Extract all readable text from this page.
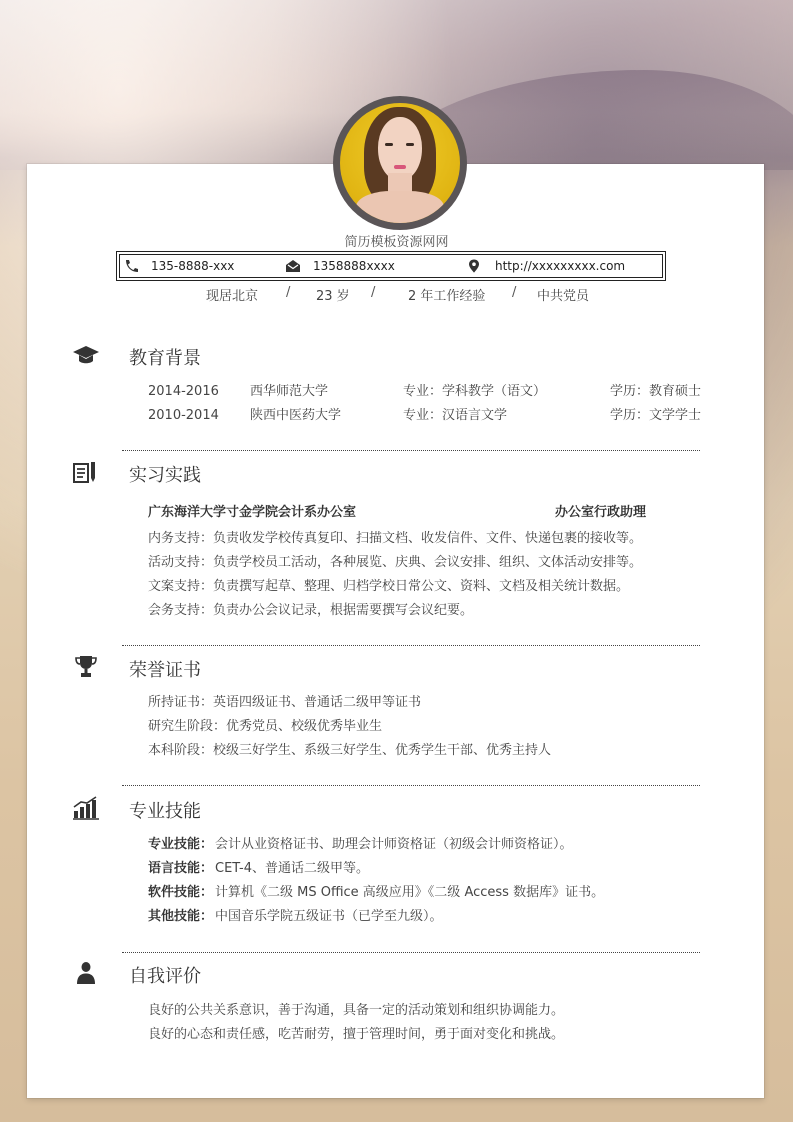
简历模板资源网网
135-8888-xxx	1358888xxxx	http://xxxxxxxxx.com
现居北京 / 23 岁 /	2 年工作经验 / 中共党员
教育背景
2014-2016 西华师范大学	专业：学科教学（语文）	学历：教育硕士
2010-2014 陕西中医药大学	专业：汉语言文学	学历：文学学士
实习实践
广东海洋大学寸金学院会计系办公室	办公室行政助理
内务支持：负责收发学校传真复印、扫描文档、收发信件、文件、快递包裹的接收等。
活动支持：负责学校员工活动，各种展览、庆典、会议安排、组织、文体活动安排等。
文案支持：负责撰写起草、整理、归档学校日常公文、资料、文档及相关统计数据。
会务支持：负责办公会议记录，根据需要撰写会议纪要。
荣誉证书
所持证书：英语四级证书、普通话二级甲等证书
研究生阶段：优秀党员、校级优秀毕业生
本科阶段：校级三好学生、系级三好学生、优秀学生干部、优秀主持人
专业技能
专业技能： 会计从业资格证书、助理会计师资格证（初级会计师资格证）。
语言技能： CET-4、普通话二级甲等。
软件技能： 计算机《二级 MS Office 高级应用》《二级 Access 数据库》证书。
其他技能： 中国音乐学院五级证书（已学至九级）。
自我评价
良好的公共关系意识，善于沟通，具备一定的活动策划和组织协调能力。
良好的心态和责任感，吃苦耐劳，擅于管理时间，勇于面对变化和挑战。
